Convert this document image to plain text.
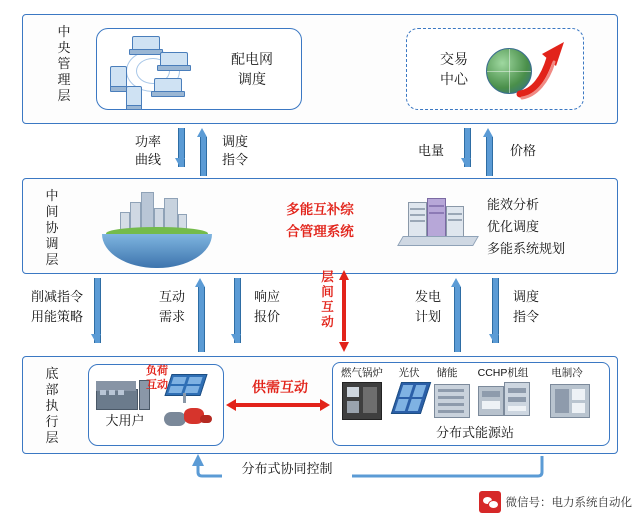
中
央
管
理
层
配电网
调度
交易
中心
功率
曲线
调度
指令
电量	价格
中
间
协
调
层
多能互补综
合管理系统
能效分析
优化调度
多能系统规划
削减指令
用能策略
互动
需求
响应
报价
层
间
互
动
发电
计划
调度
指令
底
部
执
行
层
大用户
负荷
互动	供需互动
燃气锅炉	光伏	储能	CCHP机组	电制冷
分布式能源站
分布式协同控制
微信号：电力系统自动化
